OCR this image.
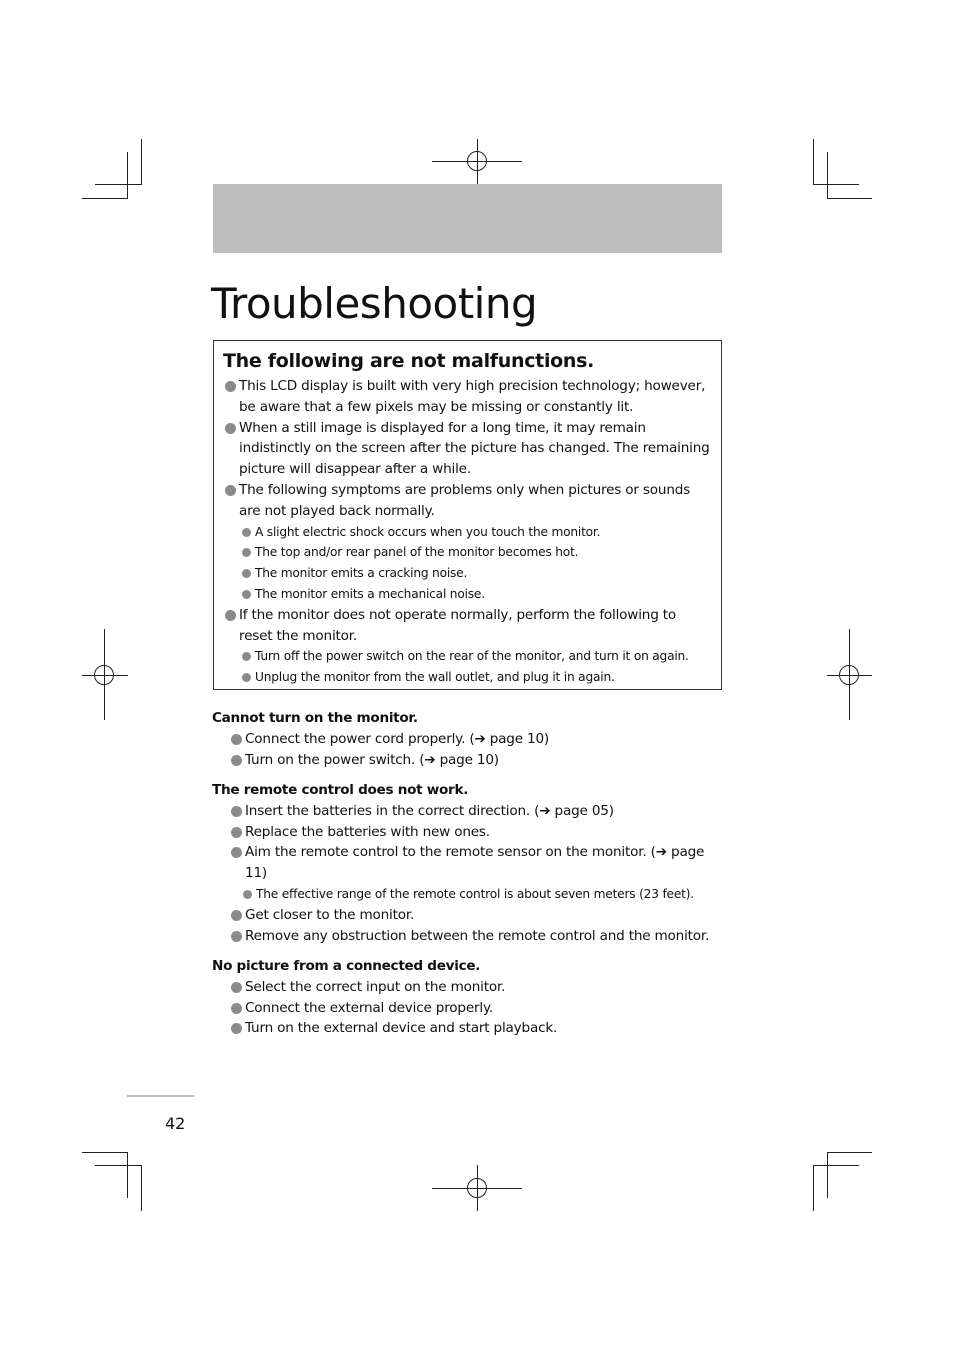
Troubleshooting
The following are not malfunctions.
This LCD display is built with very high precision technology; however, be aware that a few pixels may be missing or constantly lit.
When a still image is displayed for a long time, it may remain indistinctly on the screen after the picture has changed. The remaining picture will disappear after a while.
The following symptoms are problems only when pictures or sounds are not played back normally.
A slight electric shock occurs when you touch the monitor.
The top and/or rear panel of the monitor becomes hot.
The monitor emits a cracking noise.
The monitor emits a mechanical noise.
If the monitor does not operate normally, perform the following to reset the monitor.
Turn off the power switch on the rear of the monitor, and turn it on again.
Unplug the monitor from the wall outlet, and plug it in again.
Cannot turn on the monitor.
Connect the power cord properly. (➔ page 10)
Turn on the power switch. (➔ page 10)
The remote control does not work.
Insert the batteries in the correct direction. (➔ page 05)
Replace the batteries with new ones.
Aim the remote control to the remote sensor on the monitor. (➔ page 11)
The effective range of the remote control is about seven meters (23 feet).
Get closer to the monitor.
Remove any obstruction between the remote control and the monitor.
No picture from a connected device.
Select the correct input on the monitor.
Connect the external device properly.
Turn on the external device and start playback.
42
